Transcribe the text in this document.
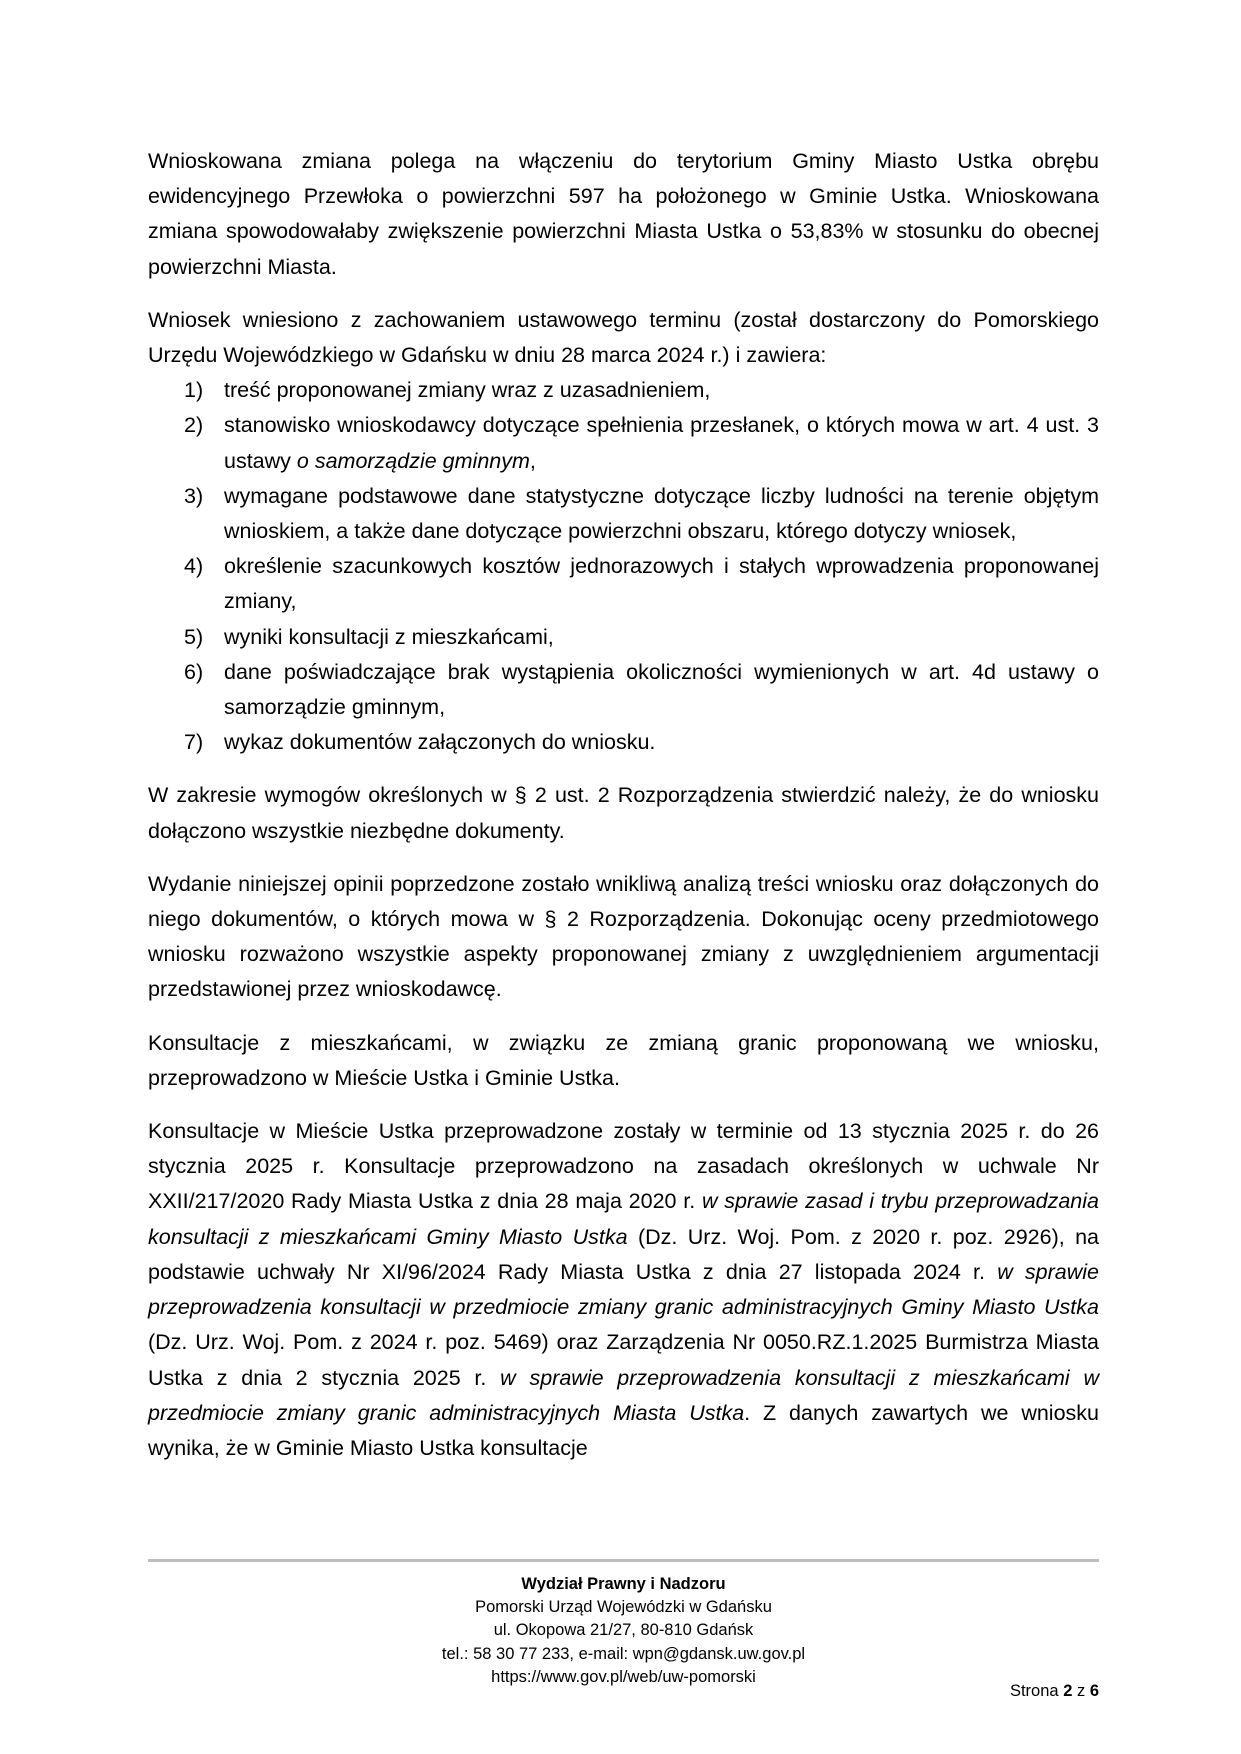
Wnioskowana zmiana polega na włączeniu do terytorium Gminy Miasto Ustka obrębu ewidencyjnego Przewłoka o powierzchni 597 ha położonego w Gminie Ustka. Wnioskowana zmiana spowodowałaby zwiększenie powierzchni Miasta Ustka o 53,83% w stosunku do obecnej powierzchni Miasta.

Wniosek wniesiono z zachowaniem ustawowego terminu (został dostarczony do Pomorskiego Urzędu Wojewódzkiego w Gdańsku w dniu 28 marca 2024 r.) i zawiera:

1) treść proponowanej zmiany wraz z uzasadnieniem,
2) stanowisko wnioskodawcy dotyczące spełnienia przesłanek, o których mowa w art. 4 ust. 3 ustawy o samorządzie gminnym,
3) wymagane podstawowe dane statystyczne dotyczące liczby ludności na terenie objętym wnioskiem, a także dane dotyczące powierzchni obszaru, którego dotyczy wniosek,
4) określenie szacunkowych kosztów jednorazowych i stałych wprowadzenia proponowanej zmiany,
5) wyniki konsultacji z mieszkańcami,
6) dane poświadczające brak wystąpienia okoliczności wymienionych w art. 4d ustawy o samorządzie gminnym,
7) wykaz dokumentów załączonych do wniosku.

W zakresie wymogów określonych w § 2 ust. 2 Rozporządzenia stwierdzić należy, że do wniosku dołączono wszystkie niezbędne dokumenty.

Wydanie niniejszej opinii poprzedzone zostało wnikliwą analizą treści wniosku oraz dołączonych do niego dokumentów, o których mowa w § 2 Rozporządzenia. Dokonując oceny przedmiotowego wniosku rozważono wszystkie aspekty proponowanej zmiany z uwzględnieniem argumentacji przedstawionej przez wnioskodawcę.

Konsultacje z mieszkańcami, w związku ze zmianą granic proponowaną we wniosku, przeprowadzono w Mieście Ustka i Gminie Ustka.

Konsultacje w Mieście Ustka przeprowadzone zostały w terminie od 13 stycznia 2025 r. do 26 stycznia 2025 r. Konsultacje przeprowadzono na zasadach określonych w uchwale Nr XXII/217/2020 Rady Miasta Ustka z dnia 28 maja 2020 r. w sprawie zasad i trybu przeprowadzania konsultacji z mieszkańcami Gminy Miasto Ustka (Dz. Urz. Woj. Pom. z 2020 r. poz. 2926), na podstawie uchwały Nr XI/96/2024 Rady Miasta Ustka z dnia 27 listopada 2024 r. w sprawie przeprowadzenia konsultacji w przedmiocie zmiany granic administracyjnych Gminy Miasto Ustka (Dz. Urz. Woj. Pom. z 2024 r. poz. 5469) oraz Zarządzenia Nr 0050.RZ.1.2025 Burmistrza Miasta Ustka z dnia 2 stycznia 2025 r. w sprawie przeprowadzenia konsultacji z mieszkańcami w przedmiocie zmiany granic administracyjnych Miasta Ustka. Z danych zawartych we wniosku wynika, że w Gminie Miasto Ustka konsultacje

Wydział Prawny i Nadzoru
Pomorski Urząd Wojewódzki w Gdańsku
ul. Okopowa 21/27, 80-810 Gdańsk
tel.: 58 30 77 233, e-mail: wpn@gdansk.uw.gov.pl
https://www.gov.pl/web/uw-pomorski
Strona 2 z 6
